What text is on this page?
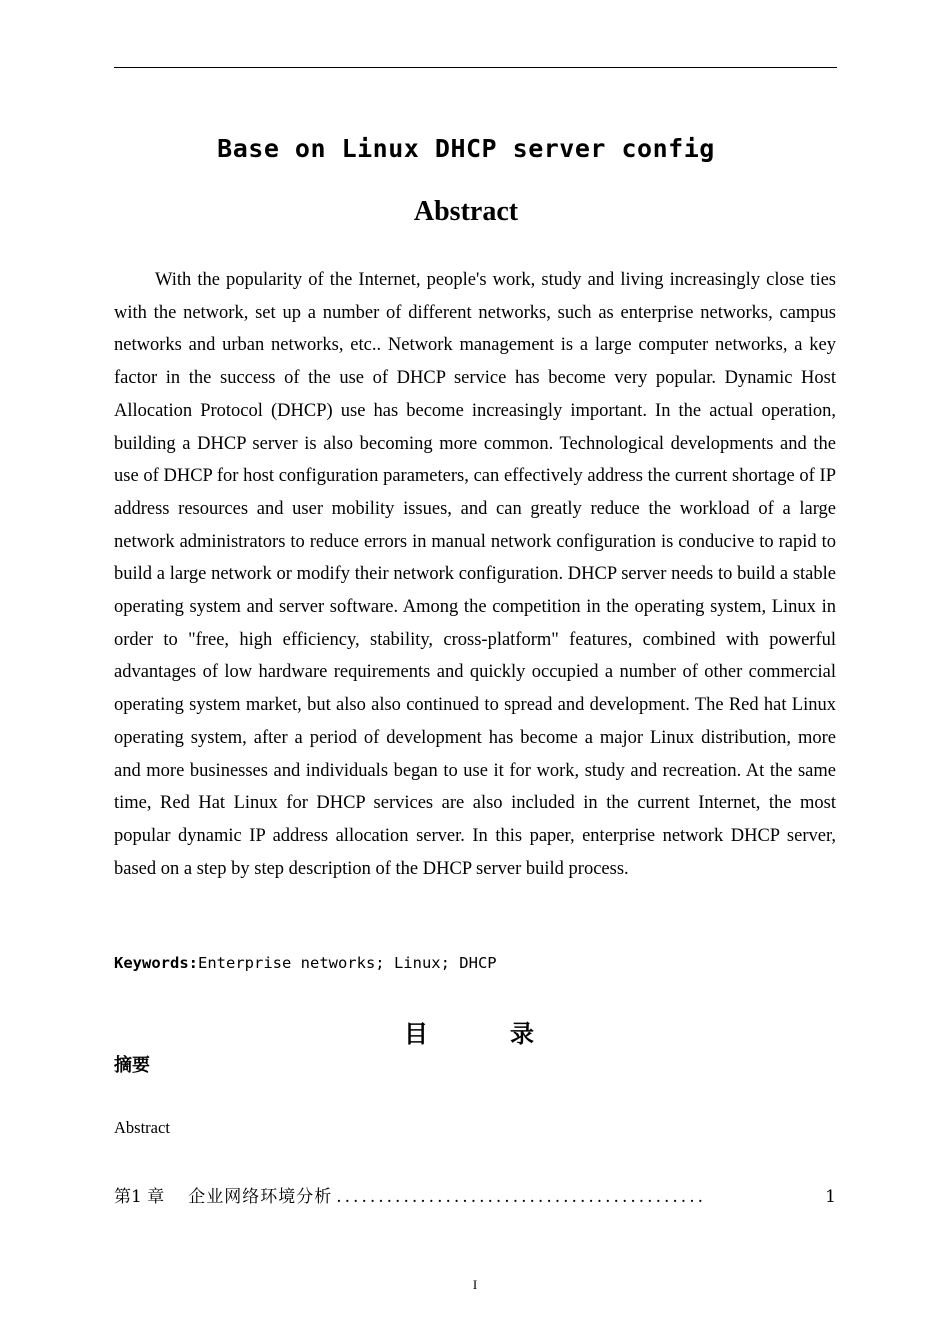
Base on Linux DHCP server config
Abstract

With the popularity of the Internet, people's work, study and living increasingly close ties with the network, set up a number of different networks, such as enterprise networks, campus networks and urban networks, etc.. Network management is a large computer networks, a key factor in the success of the use of DHCP service has become very popular. Dynamic Host Allocation Protocol (DHCP) use has become increasingly important. In the actual operation, building a DHCP server is also becoming more common. Technological developments and the use of DHCP for host configuration parameters, can effectively address the current shortage of IP address resources and user mobility issues, and can greatly reduce the workload of a large network administrators to reduce errors in manual network configuration is conducive to rapid to build a large network or modify their network configuration. DHCP server needs to build a stable operating system and server software. Among the competition in the operating system, Linux in order to "free, high efficiency, stability, cross-platform" features, combined with powerful advantages of low hardware requirements and quickly occupied a number of other commercial operating system market, but also also continued to spread and development. The Red hat Linux operating system, after a period of development has become a major Linux distribution, more and more businesses and individuals began to use it for work, study and recreation. At the same time, Red Hat Linux for DHCP services are also included in the current Internet, the most popular dynamic IP address allocation server. In this paper, enterprise network DHCP server, based on a step by step description of the DHCP server build process.

Keywords:Enterprise networks; Linux; DHCP
目	录
摘要
Abstract
第1 章 企业网络环境分析 ............................................	1
I
